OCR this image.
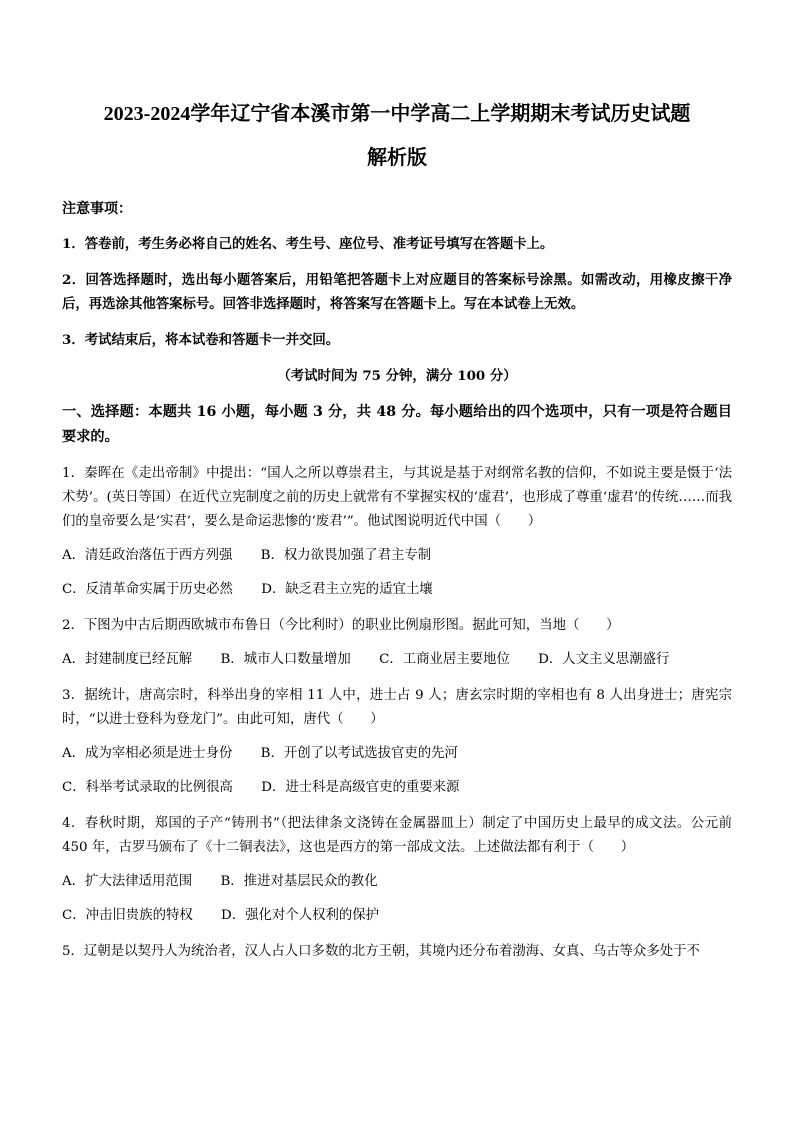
2023-2024学年辽宁省本溪市第一中学高二上学期期末考试历史试题
解析版
注意事项：

1．答卷前，考生务必将自己的姓名、考生号、座位号、准考证号填写在答题卡上。

2．回答选择题时，选出每小题答案后，用铅笔把答题卡上对应题目的答案标号涂黑。如需改动，用橡皮擦干净后，再选涂其他答案标号。回答非选择题时，将答案写在答题卡上。写在本试卷上无效。

3．考试结束后，将本试卷和答题卡一并交回。

（考试时间为 75 分钟，满分 100 分）

一、选择题：本题共 16 小题，每小题 3 分，共 48 分。每小题给出的四个选项中，只有一项是符合题目要求的。

1．秦晖在《走出帝制》中提出：“国人之所以尊崇君主，与其说是基于对纲常名教的信仰，不如说主要是慑于‘法术势’。(英日等国）在近代立宪制度之前的历史上就常有不掌握实权的‘虚君’，也形成了尊重‘虚君’的传统……而我们的皇帝要么是‘实君’，要么是命运悲惨的‘废君’”。他试图说明近代中国（　　）

A．清廷政治落伍于西方列强 B．权力欲畏加强了君主专制
C．反清革命实属于历史必然 D．缺乏君主立宪的适宜土壤

2．下图为中古后期西欧城市布鲁日（今比利时）的职业比例扇形图。据此可知，当地（　　）

A．封建制度已经瓦解 B．城市人口数量增加 C．工商业居主要地位 D．人文主义思潮盛行

3．据统计，唐高宗时，科举出身的宰相 11 人中，进士占 9 人；唐玄宗时期的宰相也有 8 人出身进士；唐宪宗时，“以进士登科为登龙门”。由此可知，唐代（　　）

A．成为宰相必须是进士身份 B．开创了以考试选拔官吏的先河
C．科举考试录取的比例很高 D．进士科是高级官吏的重要来源

4．春秋时期，郑国的子产“铸刑书”（把法律条文浇铸在金属器皿上）制定了中国历史上最早的成文法。公元前 450 年，古罗马颁布了《十二铜表法》，这也是西方的第一部成文法。上述做法都有利于（　　）

A．扩大法律适用范围 B．推进对基层民众的教化
C．冲击旧贵族的特权 D．强化对个人权利的保护

5．辽朝是以契丹人为统治者，汉人占人口多数的北方王朝，其境内还分布着渤海、女真、乌古等众多处于不
